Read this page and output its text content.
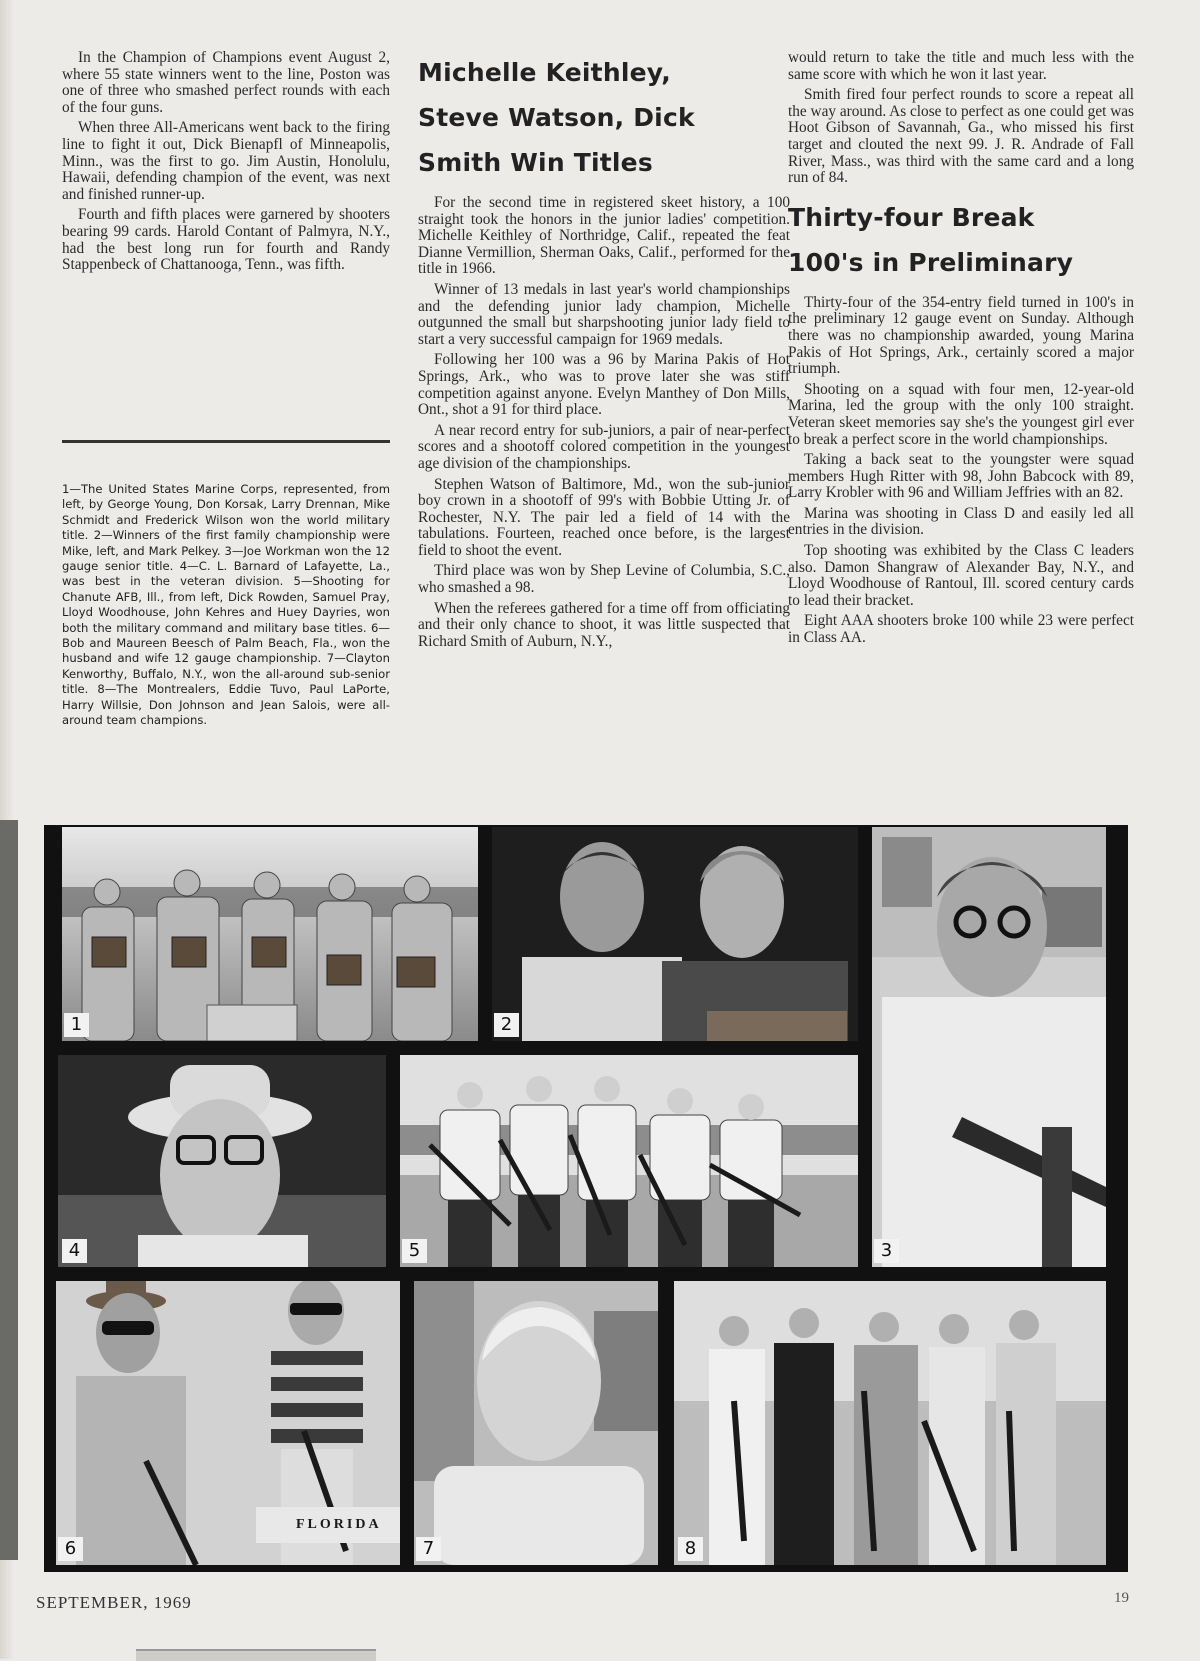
In the Champion of Champions event August 2, where 55 state winners went to the line, Poston was one of three who smashed perfect rounds with each of the four guns.

When three All-Americans went back to the firing line to fight it out, Dick Bienapfl of Minneapolis, Minn., was the first to go. Jim Austin, Honolulu, Hawaii, defending champion of the event, was next and finished runner-up.

Fourth and fifth places were garnered by shooters bearing 99 cards. Harold Contant of Palmyra, N.Y., had the best long run for fourth and Randy Stappenbeck of Chattanooga, Tenn., was fifth.

1—The United States Marine Corps, represented, from left, by George Young, Don Korsak, Larry Drennan, Mike Schmidt and Frederick Wilson won the world military title. 2—Winners of the first family championship were Mike, left, and Mark Pelkey. 3—Joe Workman won the 12 gauge senior title. 4—C. L. Barnard of Lafayette, La., was best in the veteran division. 5—Shooting for Chanute AFB, Ill., from left, Dick Rowden, Samuel Pray, Lloyd Woodhouse, John Kehres and Huey Dayries, won both the military command and military base titles. 6—Bob and Maureen Beesch of Palm Beach, Fla., won the husband and wife 12 gauge championship. 7—Clayton Kenworthy, Buffalo, N.Y., won the all-around sub-senior title. 8—The Montrealers, Eddie Tuvo, Paul LaPorte, Harry Willsie, Don Johnson and Jean Salois, were all-around team champions.
Michelle Keithley,
Steve Watson, Dick
Smith Win Titles

For the second time in registered skeet history, a 100 straight took the honors in the junior ladies' competition. Michelle Keithley of Northridge, Calif., repeated the feat Dianne Vermillion, Sherman Oaks, Calif., performed for the title in 1966.

Winner of 13 medals in last year's world championships and the defending junior lady champion, Michelle outgunned the small but sharpshooting junior lady field to start a very successful campaign for 1969 medals.

Following her 100 was a 96 by Marina Pakis of Hot Springs, Ark., who was to prove later she was stiff competition against anyone. Evelyn Manthey of Don Mills, Ont., shot a 91 for third place.

A near record entry for sub-juniors, a pair of near-perfect scores and a shootoff colored competition in the youngest age division of the championships.

Stephen Watson of Baltimore, Md., won the sub-junior boy crown in a shootoff of 99's with Bobbie Utting Jr. of Rochester, N.Y. The pair led a field of 14 with the tabulations. Fourteen, reached once before, is the largest field to shoot the event.

Third place was won by Shep Levine of Columbia, S.C., who smashed a 98.

When the referees gathered for a time off from officiating and their only chance to shoot, it was little suspected that Richard Smith of Auburn, N.Y.,

would return to take the title and much less with the same score with which he won it last year.

Smith fired four perfect rounds to score a repeat all the way around. As close to perfect as one could get was Hoot Gibson of Savannah, Ga., who missed his first target and clouted the next 99. J. R. Andrade of Fall River, Mass., was third with the same card and a long run of 84.

Thirty-four Break
100's in Preliminary

Thirty-four of the 354-entry field turned in 100's in the preliminary 12 gauge event on Sunday. Although there was no championship awarded, young Marina Pakis of Hot Springs, Ark., certainly scored a major triumph.

Shooting on a squad with four men, 12-year-old Marina, led the group with the only 100 straight. Veteran skeet memories say she's the youngest girl ever to break a perfect score in the world championships.

Taking a back seat to the youngster were squad members Hugh Ritter with 98, John Babcock with 89, Larry Krobler with 96 and William Jeffries with an 82.

Marina was shooting in Class D and easily led all entries in the division.

Top shooting was exhibited by the Class C leaders also. Damon Shangraw of Alexander Bay, N.Y., and Lloyd Woodhouse of Rantoul, Ill. scored century cards to lead their bracket.

Eight AAA shooters broke 100 while 23 were perfect in Class AA.

1	2
3
4	5
FLORIDA
6	7	8
SEPTEMBER, 1969	19
